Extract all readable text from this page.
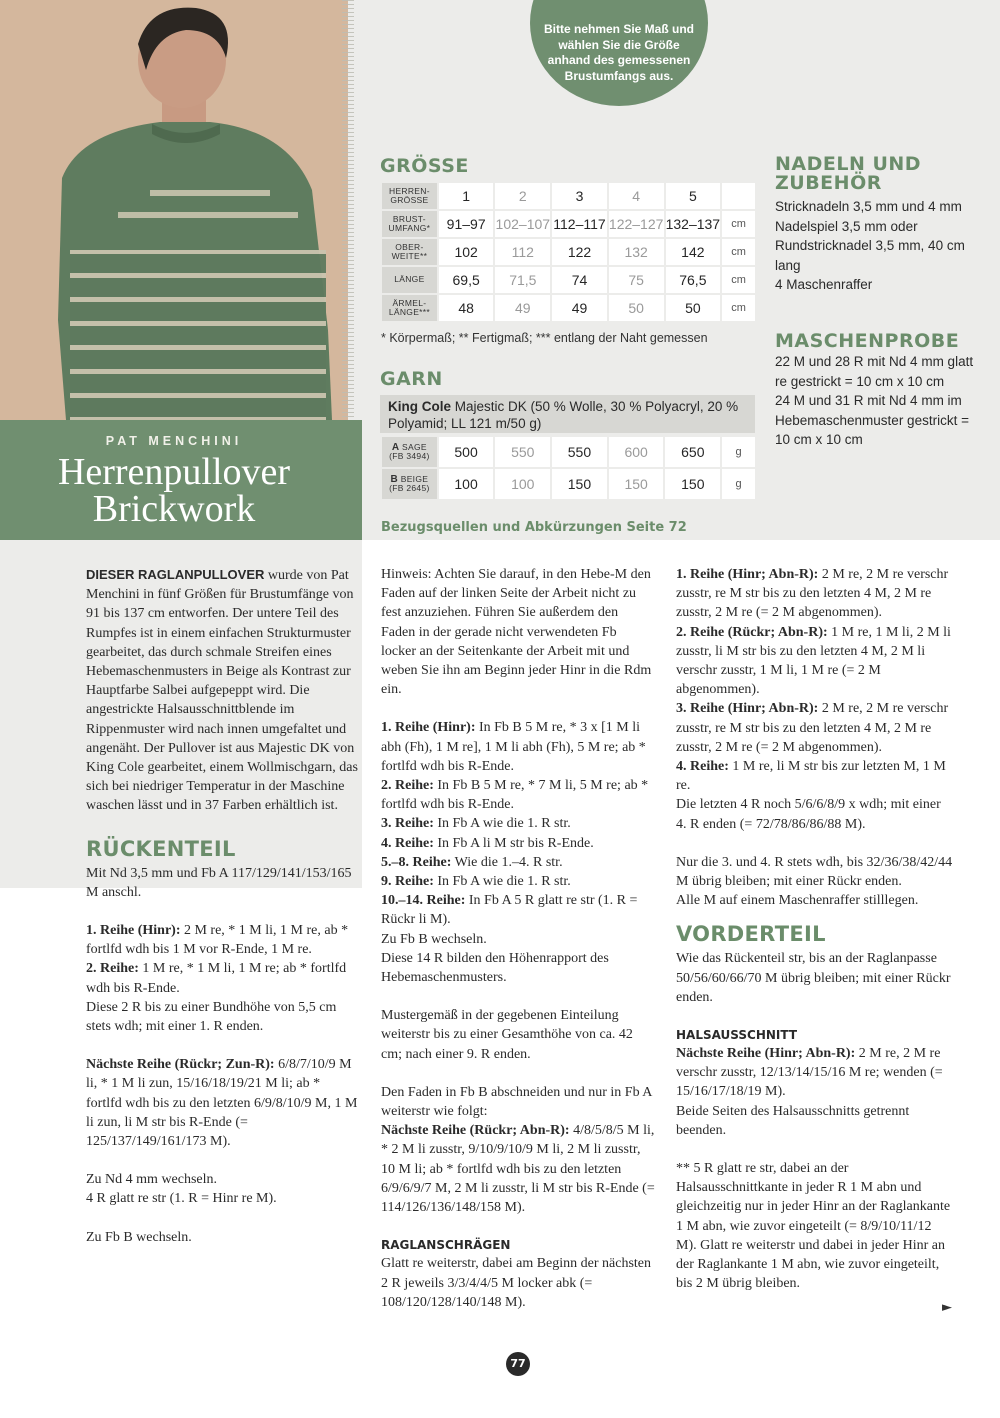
PAT MENCHINI
Herrenpullover
Brickwork
Bitte nehmen Sie Maß und wählen Sie die Größe anhand des gemessenen Brustumfangs aus.
GRÖSSE
HERREN-
GRÖSSE	1	2	3	4	5	
BRUST-
UMFANG*	91–97	102–107	112–117	122–127	132–137	cm
OBER-
WEITE**	102	112	122	132	142	cm
LÄNGE	69,5	71,5	74	75	76,5	cm
ÄRMEL-
LÄNGE***	48	49	49	50	50	cm
* Körpermaß; ** Fertigmaß; *** entlang der Naht gemessen
GARN
King Cole Majestic DK (50 % Wolle, 30 % Polyacryl, 20 % Polyamid; LL 121 m/50 g)
A SAGE
(FB 3494)	500	550	550	600	650	g

B BEIGE
(FB 2645)	100	100	150	150	150	g
Bezugsquellen und Abkürzungen Seite 72
NADELN UND
ZUBEHÖR
Stricknadeln 3,5 mm und 4 mm
Nadelspiel 3,5 mm oder Rundstricknadel 3,5 mm, 40 cm lang
4 Maschenraffer
MASCHENPROBE
22 M und 28 R mit Nd 4 mm glatt re gestrickt = 10 cm x 10 cm
24 M und 31 R mit Nd 4 mm im Hebemaschenmuster gestrickt = 10 cm x 10 cm

DIESER RAGLANPULLOVER wurde von Pat Menchini in fünf Größen für Brustumfänge von 91 bis 137 cm entworfen. Der untere Teil des Rumpfes ist in einem einfachen Strukturmuster gearbeitet, das durch schmale Streifen eines Hebemaschenmusters in Beige als Kontrast zur Hauptfarbe Salbei aufgepeppt wird. Die angestrickte Halsausschnittblende im Rippenmuster wird nach innen umgefaltet und angenäht. Der Pullover ist aus Majestic DK von King Cole gearbeitet, einem Wollmischgarn, das sich bei niedriger Temperatur in der Maschine waschen lässt und in 37 Farben erhältlich ist.

RÜCKENTEIL

Mit Nd 3,5 mm und Fb A 117/129/141/153/165 M anschl.

1. Reihe (Hinr): 2 M re, * 1 M li, 1 M re, ab * fortlfd wdh bis 1 M vor R-Ende, 1 M re.

2. Reihe: 1 M re, * 1 M li, 1 M re; ab * fortlfd wdh bis R-Ende.

Diese 2 R bis zu einer Bundhöhe von 5,5 cm stets wdh; mit einer 1. R enden.

Nächste Reihe (Rückr; Zun-R): 6/8/7/10/9 M li, * 1 M li zun, 15/16/18/19/21 M li; ab * fortlfd wdh bis zu den letzten 6/9/8/10/9 M, 1 M li zun, li M str bis R-Ende (= 125/137/149/161/173 M).

Zu Nd 4 mm wechseln.

4 R glatt re str (1. R = Hinr re M).

Zu Fb B wechseln.

Hinweis: Achten Sie darauf, in den Hebe-M den Faden auf der linken Seite der Arbeit nicht zu fest anzuziehen. Führen Sie außerdem den Faden in der gerade nicht verwendeten Fb locker an der Seitenkante der Arbeit mit und weben Sie ihn am Beginn jeder Hinr in die Rdm ein.

1. Reihe (Hinr): In Fb B 5 M re, * 3 x [1 M li abh (Fh), 1 M re], 1 M li abh (Fh), 5 M re; ab * fortlfd wdh bis R-Ende.

2. Reihe: In Fb B 5 M re, * 7 M li, 5 M re; ab * fortlfd wdh bis R-Ende.

3. Reihe: In Fb A wie die 1. R str.

4. Reihe: In Fb A li M str bis R-Ende.

5.–8. Reihe: Wie die 1.–4. R str.

9. Reihe: In Fb A wie die 1. R str.

10.–14. Reihe: In Fb A 5 R glatt re str (1. R = Rückr li M).

Zu Fb B wechseln.

Diese 14 R bilden den Höhenrapport des Hebemaschenmusters.

Mustergemäß in der gegebenen Einteilung weiterstr bis zu einer Gesamthöhe von ca. 42 cm; nach einer 9. R enden.

Den Faden in Fb B abschneiden und nur in Fb A weiterstr wie folgt:

Nächste Reihe (Rückr; Abn-R): 4/8/5/8/5 M li, * 2 M li zusstr, 9/10/9/10/9 M li, 2 M li zusstr, 10 M li; ab * fortlfd wdh bis zu den letzten 6/9/6/9/7 M, 2 M li zusstr, li M str bis R-Ende (= 114/126/136/148/158 M).

RAGLANSCHRÄGEN

Glatt re weiterstr, dabei am Beginn der nächsten 2 R jeweils 3/3/4/4/5 M locker abk (= 108/120/128/140/148 M).

1. Reihe (Hinr; Abn-R): 2 M re, 2 M re verschr zusstr, re M str bis zu den letzten 4 M, 2 M re zusstr, 2 M re (= 2 M abgenommen).

2. Reihe (Rückr; Abn-R): 1 M re, 1 M li, 2 M li zusstr, li M str bis zu den letzten 4 M, 2 M li verschr zusstr, 1 M li, 1 M re (= 2 M abgenommen).

3. Reihe (Hinr; Abn-R): 2 M re, 2 M re verschr zusstr, re M str bis zu den letzten 4 M, 2 M re zusstr, 2 M re (= 2 M abgenommen).

4. Reihe: 1 M re, li M str bis zur letzten M, 1 M re.

Die letzten 4 R noch 5/6/6/8/9 x wdh; mit einer 4. R enden (= 72/78/86/86/88 M).

Nur die 3. und 4. R stets wdh, bis 32/36/38/42/44 M übrig bleiben; mit einer Rückr enden.

Alle M auf einem Maschenraffer stilllegen.

VORDERTEIL

Wie das Rückenteil str, bis an der Raglanpasse 50/56/60/66/70 M übrig bleiben; mit einer Rückr enden.

HALSAUSSCHNITT

Nächste Reihe (Hinr; Abn-R): 2 M re, 2 M re verschr zusstr, 12/13/14/15/16 M re; wenden (= 15/16/17/18/19 M).

Beide Seiten des Halsausschnitts getrennt beenden.

** 5 R glatt re str, dabei an der Halsausschnittkante in jeder R 1 M abn und gleichzeitig nur in jeder Hinr an der Raglankante 1 M abn, wie zuvor eingeteilt (= 8/9/10/11/12 M). Glatt re weiterstr und dabei in jeder Hinr an der Raglankante 1 M abn, wie zuvor eingeteilt, bis 2 M übrig bleiben.

►
77
